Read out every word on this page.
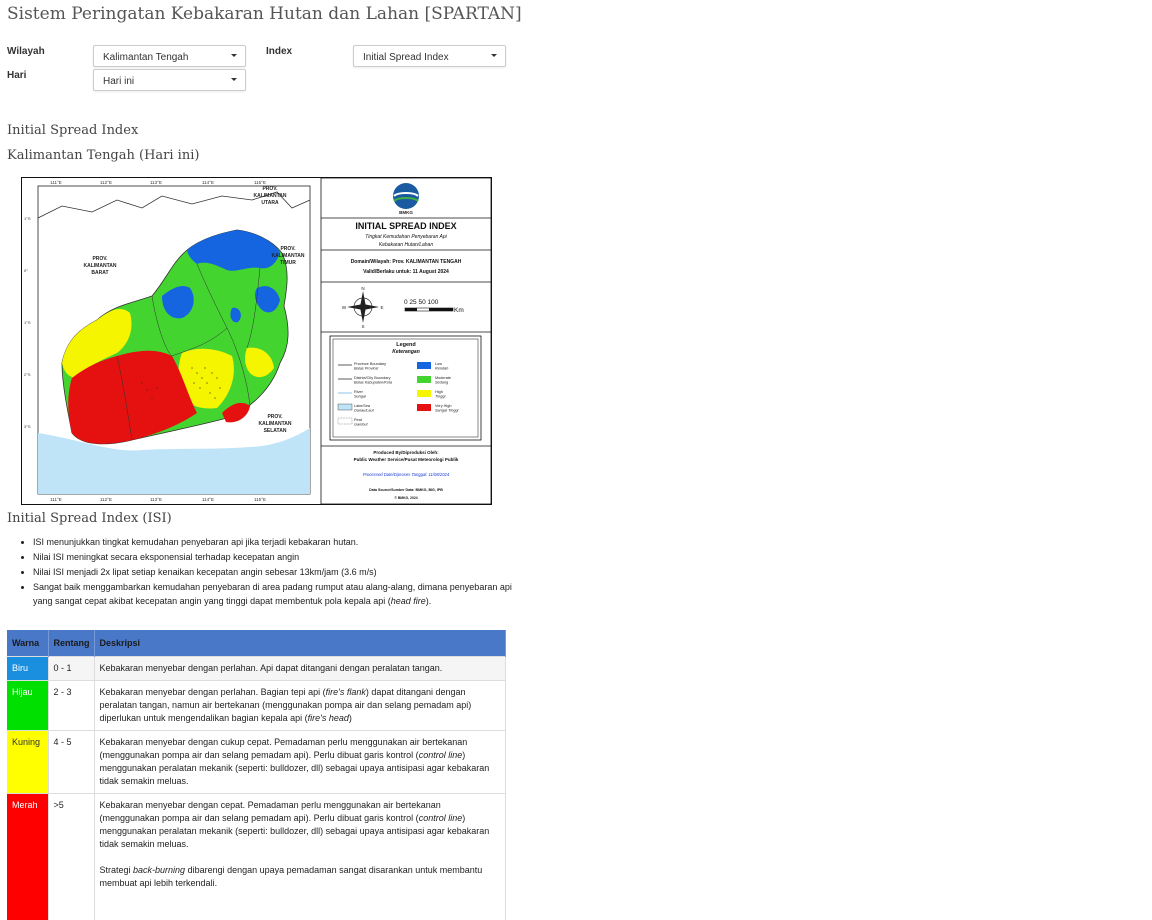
Sistem Peringatan Kebakaran Hutan dan Lahan [SPARTAN]
Wilayah
Kalimantan Tengah
Hari
Hari ini
Index
Initial Spread Index
Initial Spread Index
Kalimantan Tengah (Hari ini)
111°E	112°E	113°E	114°E	115°E
111°E	112°E	113°E	114°E	115°E
1°S
0°
1°S
2°S
3°S
PROV. KALIMANTAN BARAT
PROV. KALIMANTAN TIMUR
PROV. KALIMANTAN UTARA
PROV. KALIMANTAN SELATAN
BMKG
INITIAL SPREAD INDEX
Tingkat Kemudahan Penyebaran Api
Kebakaran Hutan/Lahan
Domain/Wilayah: Prov. KALIMANTAN TENGAH
Valid/Berlaku untuk: 11 August 2024
N
S
W	E
0 25 50 100
Km
Legend
Keterangan
Province Boundary
Batas Provinsi
District/City Boundary
Batas Kabupaten/Kota
River
Sungai
Lake/Sea
Danau/Laut
Peat
Gambut
Low
Rendah
Moderate
Sedang
High
Tinggi
Very High
Sangat Tinggi
Produced By/Diproduksi Oleh:
Public Weather Service/Pusat Meteorologi Publik
Processed Date/Diproses Tanggal: 11/08/2024
Data Source/Sumber Data: BMKG, BIG, IPB
© BMKG, 2024
Initial Spread Index (ISI)
• ISI menunjukkan tingkat kemudahan penyebaran api jika terjadi kebakaran hutan.
• Nilai ISI meningkat secara eksponensial terhadap kecepatan angin
• Nilai ISI menjadi 2x lipat setiap kenaikan kecepatan angin sebesar 13km/jam (3.6 m/s)
• Sangat baik menggambarkan kemudahan penyebaran di area padang rumput atau alang-alang, dimana penyebaran api yang sangat cepat akibat kecepatan angin yang tinggi dapat membentuk pola kepala api (head fire).
Warna	Rentang	Deskripsi
Biru	0 - 1	Kebakaran menyebar dengan perlahan. Api dapat ditangani dengan peralatan tangan.
Hijau	2 - 3	Kebakaran menyebar dengan perlahan. Bagian tepi api (fire's flank) dapat ditangani dengan peralatan tangan, namun air bertekanan (menggunakan pompa air dan selang pemadam api) diperlukan untuk mengendalikan bagian kepala api (fire's head)
Kuning	4 - 5	Kebakaran menyebar dengan cukup cepat. Pemadaman perlu menggunakan air bertekanan (menggunakan pompa air dan selang pemadam api). Perlu dibuat garis kontrol (control line) menggunakan peralatan mekanik (seperti: bulldozer, dll) sebagai upaya antisipasi agar kebakaran tidak semakin meluas.
Merah	>5	Kebakaran menyebar dengan cepat. Pemadaman perlu menggunakan air bertekanan (menggunakan pompa air dan selang pemadam api). Perlu dibuat garis kontrol (control line) menggunakan peralatan mekanik (seperti: bulldozer, dll) sebagai upaya antisipasi agar kebakaran tidak semakin meluas.

Strategi back-burning dibarengi dengan upaya pemadaman sangat disarankan untuk membantu membuat api lebih terkendali.
